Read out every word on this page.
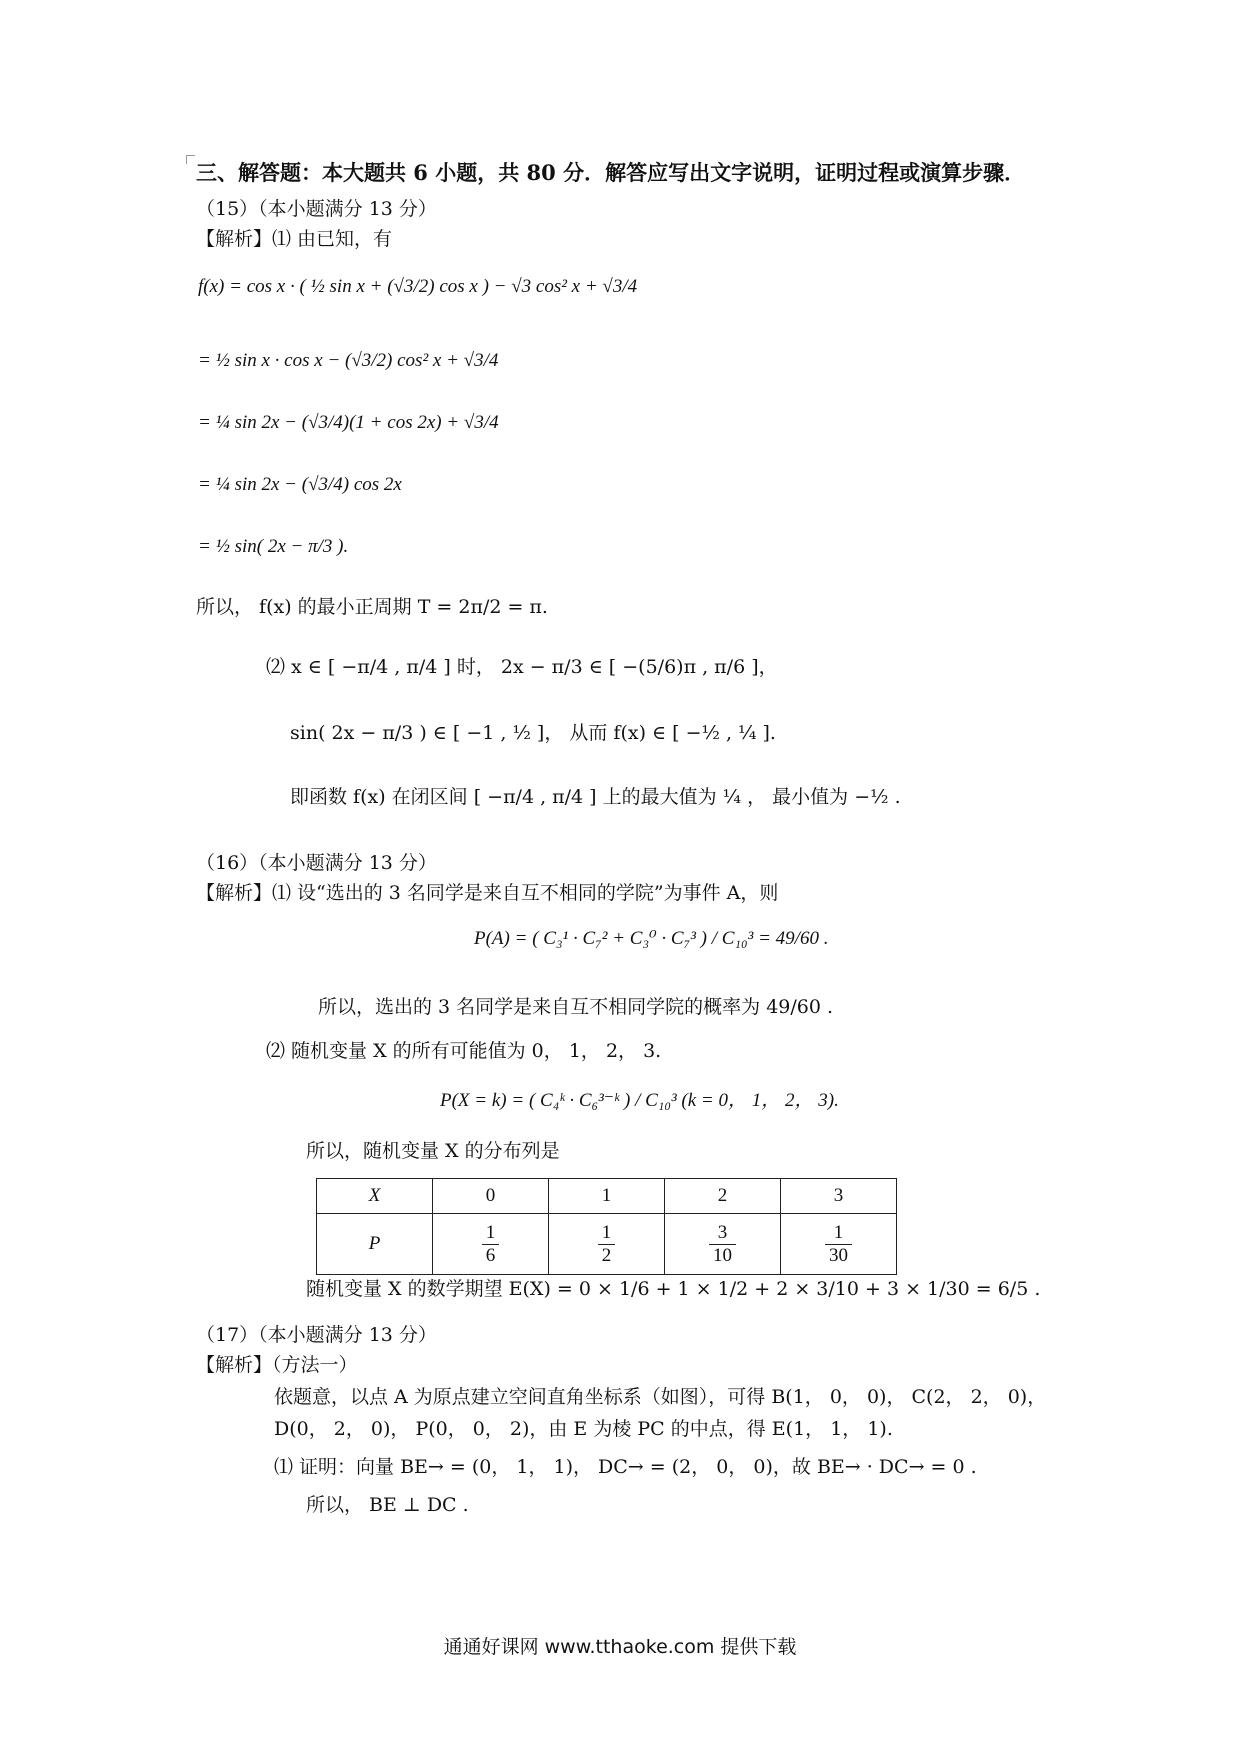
三、解答题：本大题共 6 小题，共 80 分．解答应写出文字说明，证明过程或演算步骤．
（15）（本小题满分 13 分）
【解析】⑴ 由已知，有
f(x) = cos x · ( ½ sin x + (√3/2) cos x ) − √3 cos² x + √3/4
= ½ sin x · cos x − (√3/2) cos² x + √3/4
= ¼ sin 2x − (√3/4)(1 + cos 2x) + √3/4
= ¼ sin 2x − (√3/4) cos 2x
= ½ sin( 2x − π/3 ).
所以， f(x) 的最小正周期 T = 2π/2 = π.
⑵ x ∈ [ −π/4 , π/4 ] 时， 2x − π/3 ∈ [ −(5/6)π , π/6 ]，
sin( 2x − π/3 ) ∈ [ −1 , ½ ]， 从而 f(x) ∈ [ −½ , ¼ ].
即函数 f(x) 在闭区间 [ −π/4 , π/4 ] 上的最大值为 ¼ ， 最小值为 −½ .
（16）（本小题满分 13 分）
【解析】⑴ 设“选出的 3 名同学是来自互不相同的学院”为事件 A，则
P(A) = ( C₃¹ · C₇² + C₃⁰ · C₇³ ) / C₁₀³ = 49/60 .
所以，选出的 3 名同学是来自互不相同学院的概率为 49/60 .
⑵ 随机变量 X 的所有可能值为 0， 1， 2， 3.
P(X = k) = ( C₄ᵏ · C₆³⁻ᵏ ) / C₁₀³ (k = 0， 1， 2， 3).
所以，随机变量 X 的分布列是
X	0	1	2	3
P	$\frac{1}{6}$	$\frac{1}{2}$	$\frac{3}{10}$	$\frac{1}{30}$
随机变量 X 的数学期望 E(X) = 0 × 1/6 + 1 × 1/2 + 2 × 3/10 + 3 × 1/30 = 6/5 .
（17）（本小题满分 13 分）
【解析】（方法一）
依题意，以点 A 为原点建立空间直角坐标系（如图），可得 B(1， 0， 0)， C(2， 2， 0)，
D(0， 2， 0)， P(0， 0， 2)，由 E 为棱 PC 的中点，得 E(1， 1， 1).
⑴ 证明：向量 BE→ = (0， 1， 1)， DC→ = (2， 0， 0)，故 BE→ · DC→ = 0 .
所以， BE ⊥ DC .
通通好课网 www.tthaoke.com 提供下载
